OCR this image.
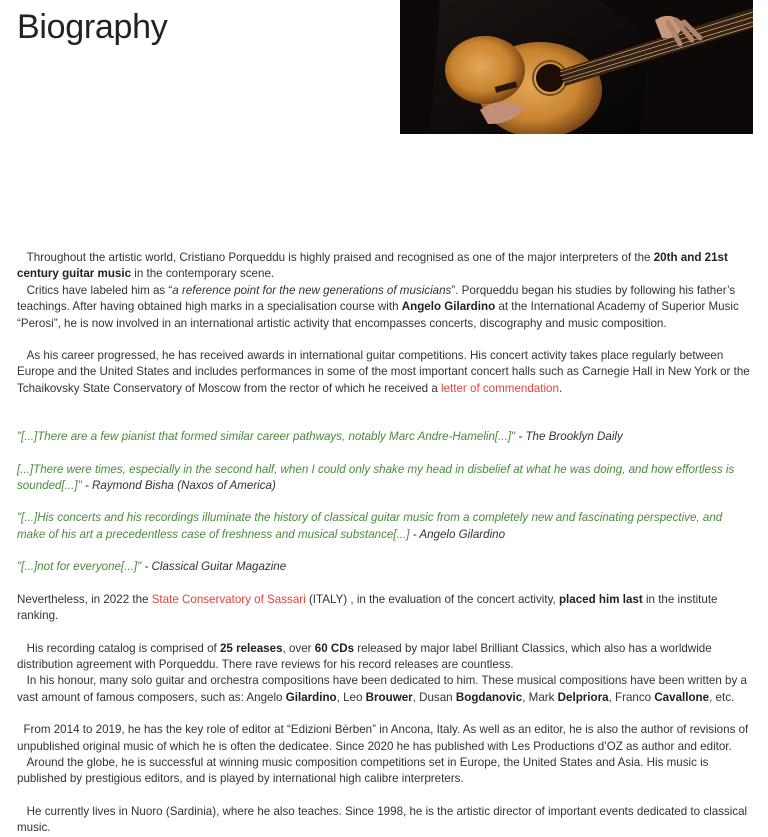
Biography

Throughout the artistic world, Cristiano Porqueddu is highly praised and recognised as one of the major interpreters of the 20th and 21st century guitar music in the contemporary scene.

Critics have labeled him as “a reference point for the new generations of musicians”. Porqueddu began his studies by following his father’s teachings. After having obtained high marks in a specialisation course with Angelo Gilardino at the International Academy of Superior Music “Perosi”, he is now involved in an international artistic activity that encompasses concerts, discography and music composition.

As his career progressed, he has received awards in international guitar competitions. His concert activity takes place regularly between Europe and the United States and includes performances in some of the most important concert halls such as Carnegie Hall in New York or the Tchaikovsky State Conservatory of Moscow from the rector of which he received a letter of commendation.

"[...]There are a few pianist that formed similar career pathways, notably Marc Andre-Hamelin[...]" - The Brooklyn Daily

[...]There were times, especially in the second half, when I could only shake my head in disbelief at what he was doing, and how effortless is sounded[...]" - Raymond Bisha (Naxos of America)

"[...]His concerts and his recordings illuminate the history of classical guitar music from a completely new and fascinating perspective, and make of his art a precedentless case of freshness and musical substance[...] - Angelo Gilardino

"[...]not for everyone[...]" - Classical Guitar Magazine

Nevertheless, in 2022 the State Conservatory of Sassari (ITALY) , in the evaluation of the concert activity, placed him last in the institute ranking.

His recording catalog is comprised of 25 releases, over 60 CDs released by major label Brilliant Classics, which also has a worldwide distribution agreement with Porqueddu. There rave reviews for his record releases are countless.

In his honour, many solo guitar and orchestra compositions have been dedicated to him. These musical compositions have been written by a vast amount of famous composers, such as: Angelo Gilardino, Leo Brouwer, Dusan Bogdanovic, Mark Delpriora, Franco Cavallone, etc.

From 2014 to 2019, he has the key role of editor at “Edizioni Bèrben” in Ancona, Italy. As well as an editor, he is also the author of revisions of unpublished original music of which he is often the dedicatee. Since 2020 he has published with Les Productions d’OZ as author and editor.

Around the globe, he is successful at winning music composition competitions set in Europe, the United States and Asia. His music is published by prestigious editors, and is played by international high calibre interpreters.

He currently lives in Nuoro (Sardinia), where he also teaches. Since 1998, he is the artistic director of important events dedicated to classical music.
